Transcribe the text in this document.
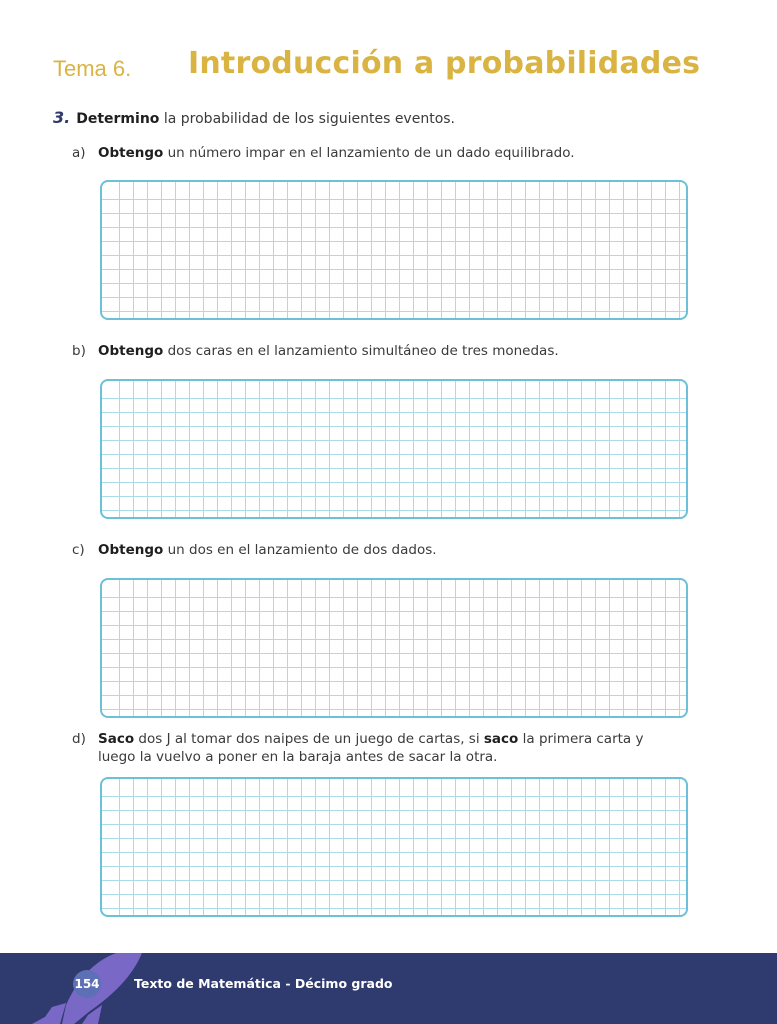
Tema 6. Introducción a probabilidades
3. Determino la probabilidad de los siguientes eventos.
a) Obtengo un número impar en el lanzamiento de un dado equilibrado.
b) Obtengo dos caras en el lanzamiento simultáneo de tres monedas.
c) Obtengo un dos en el lanzamiento de dos dados.
d) Saco dos J al tomar dos naipes de un juego de cartas, si saco la primera carta y luego la vuelvo a poner en la baraja antes de sacar la otra.
154	Texto de Matemática - Décimo grado
